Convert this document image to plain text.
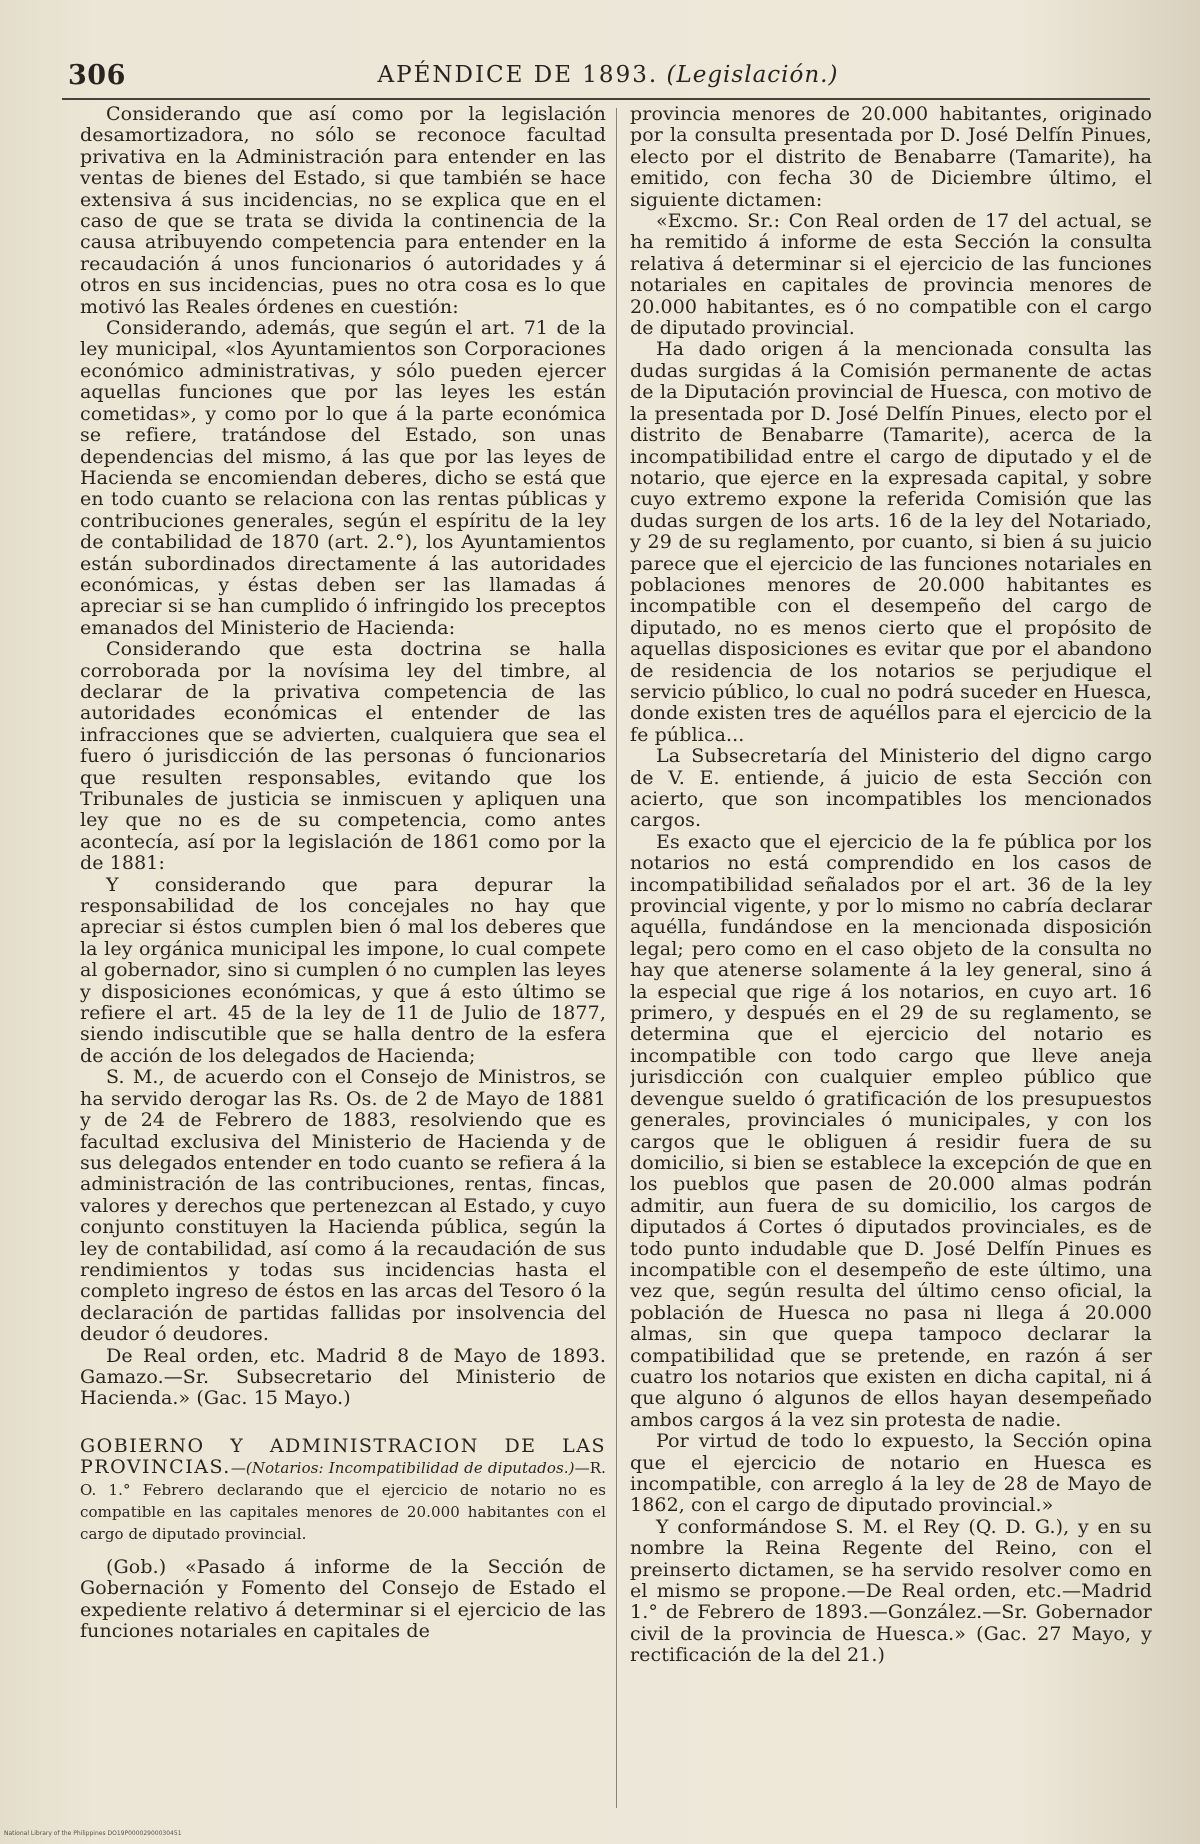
306	APÉNDICE DE 1893. (Legislación.)

Considerando que así como por la legislación desamortizadora, no sólo se reconoce facultad privativa en la Administración para entender en las ventas de bienes del Estado, si que también se hace extensiva á sus incidencias, no se explica que en el caso de que se trata se divida la continencia de la causa atribuyendo competencia para entender en la recaudación á unos funcionarios ó autoridades y á otros en sus incidencias, pues no otra cosa es lo que motivó las Reales órdenes en cuestión:

Considerando, además, que según el art. 71 de la ley municipal, «los Ayuntamientos son Corporaciones económico administrativas, y sólo pueden ejercer aquellas funciones que por las leyes les están cometidas», y como por lo que á la parte económica se refiere, tratándose del Estado, son unas dependencias del mismo, á las que por las leyes de Hacienda se encomiendan deberes, dicho se está que en todo cuanto se relaciona con las rentas públicas y contribuciones generales, según el espíritu de la ley de contabilidad de 1870 (art. 2.°), los Ayuntamientos están subordinados directamente á las autoridades económicas, y éstas deben ser las llamadas á apreciar si se han cumplido ó infringido los preceptos emanados del Ministerio de Hacienda:

Considerando que esta doctrina se halla corroborada por la novísima ley del timbre, al declarar de la privativa competencia de las autoridades económicas el entender de las infracciones que se advierten, cualquiera que sea el fuero ó jurisdicción de las personas ó funcionarios que resulten responsables, evitando que los Tribunales de justicia se inmiscuen y apliquen una ley que no es de su competencia, como antes acontecía, así por la legislación de 1861 como por la de 1881:

Y considerando que para depurar la responsabilidad de los concejales no hay que apreciar si éstos cumplen bien ó mal los deberes que la ley orgánica municipal les impone, lo cual compete al gobernador, sino si cumplen ó no cumplen las leyes y disposiciones económicas, y que á esto último se refiere el art. 45 de la ley de 11 de Julio de 1877, siendo indiscutible que se halla dentro de la esfera de acción de los delegados de Hacienda;

S. M., de acuerdo con el Consejo de Ministros, se ha servido derogar las Rs. Os. de 2 de Mayo de 1881 y de 24 de Febrero de 1883, resolviendo que es facultad exclusiva del Ministerio de Hacienda y de sus delegados entender en todo cuanto se refiera á la administración de las contribuciones, rentas, fincas, valores y derechos que pertenezcan al Estado, y cuyo conjunto constituyen la Hacienda pública, según la ley de contabilidad, así como á la recaudación de sus rendimientos y todas sus incidencias hasta el completo ingreso de éstos en las arcas del Tesoro ó la declaración de partidas fallidas por insolvencia del deudor ó deudores.

De Real orden, etc. Madrid 8 de Mayo de 1893. Gamazo.—Sr. Subsecretario del Ministerio de Hacienda.» (Gac. 15 Mayo.)

GOBIERNO Y ADMINISTRACION DE LAS PROVINCIAS.—(Notarios: Incompatibilidad de diputados.)—R. O. 1.° Febrero declarando que el ejercicio de notario no es compatible en las capitales menores de 20.000 habitantes con el cargo de diputado provincial.

(Gob.) «Pasado á informe de la Sección de Gobernación y Fomento del Consejo de Estado el expediente relativo á determinar si el ejercicio de las funciones notariales en capitales de

provincia menores de 20.000 habitantes, originado por la consulta presentada por D. José Delfín Pinues, electo por el distrito de Benabarre (Tamarite), ha emitido, con fecha 30 de Diciembre último, el siguiente dictamen:

«Excmo. Sr.: Con Real orden de 17 del actual, se ha remitido á informe de esta Sección la consulta relativa á determinar si el ejercicio de las funciones notariales en capitales de provincia menores de 20.000 habitantes, es ó no compatible con el cargo de diputado provincial.

Ha dado origen á la mencionada consulta las dudas surgidas á la Comisión permanente de actas de la Diputación provincial de Huesca, con motivo de la presentada por D. José Delfín Pinues, electo por el distrito de Benabarre (Tamarite), acerca de la incompatibilidad entre el cargo de diputado y el de notario, que ejerce en la expresada capital, y sobre cuyo extremo expone la referida Comisión que las dudas surgen de los arts. 16 de la ley del Notariado, y 29 de su reglamento, por cuanto, si bien á su juicio parece que el ejercicio de las funciones notariales en poblaciones menores de 20.000 habitantes es incompatible con el desempeño del cargo de diputado, no es menos cierto que el propósito de aquellas disposiciones es evitar que por el abandono de residencia de los notarios se perjudique el servicio público, lo cual no podrá suceder en Huesca, donde existen tres de aquéllos para el ejercicio de la fe pública...

La Subsecretaría del Ministerio del digno cargo de V. E. entiende, á juicio de esta Sección con acierto, que son incompatibles los mencionados cargos.

Es exacto que el ejercicio de la fe pública por los notarios no está comprendido en los casos de incompatibilidad señalados por el art. 36 de la ley provincial vigente, y por lo mismo no cabría declarar aquélla, fundándose en la mencionada disposición legal; pero como en el caso objeto de la consulta no hay que atenerse solamente á la ley general, sino á la especial que rige á los notarios, en cuyo art. 16 primero, y después en el 29 de su reglamento, se determina que el ejercicio del notario es incompatible con todo cargo que lleve aneja jurisdicción con cualquier empleo público que devengue sueldo ó gratificación de los presupuestos generales, provinciales ó municipales, y con los cargos que le obliguen á residir fuera de su domicilio, si bien se establece la excepción de que en los pueblos que pasen de 20.000 almas podrán admitir, aun fuera de su domicilio, los cargos de diputados á Cortes ó diputados provinciales, es de todo punto indudable que D. José Delfín Pinues es incompatible con el desempeño de este último, una vez que, según resulta del último censo oficial, la población de Huesca no pasa ni llega á 20.000 almas, sin que quepa tampoco declarar la compatibilidad que se pretende, en razón á ser cuatro los notarios que existen en dicha capital, ni á que alguno ó algunos de ellos hayan desempeñado ambos cargos á la vez sin protesta de nadie.

Por virtud de todo lo expuesto, la Sección opina que el ejercicio de notario en Huesca es incompatible, con arreglo á la ley de 28 de Mayo de 1862, con el cargo de diputado provincial.»

Y conformándose S. M. el Rey (Q. D. G.), y en su nombre la Reina Regente del Reino, con el preinserto dictamen, se ha servido resolver como en el mismo se propone.—De Real orden, etc.—Madrid 1.° de Febrero de 1893.—González.—Sr. Gobernador civil de la provincia de Huesca.» (Gac. 27 Mayo, y rectificación de la del 21.)

National Library of the Philippines DO19P00002900030451
